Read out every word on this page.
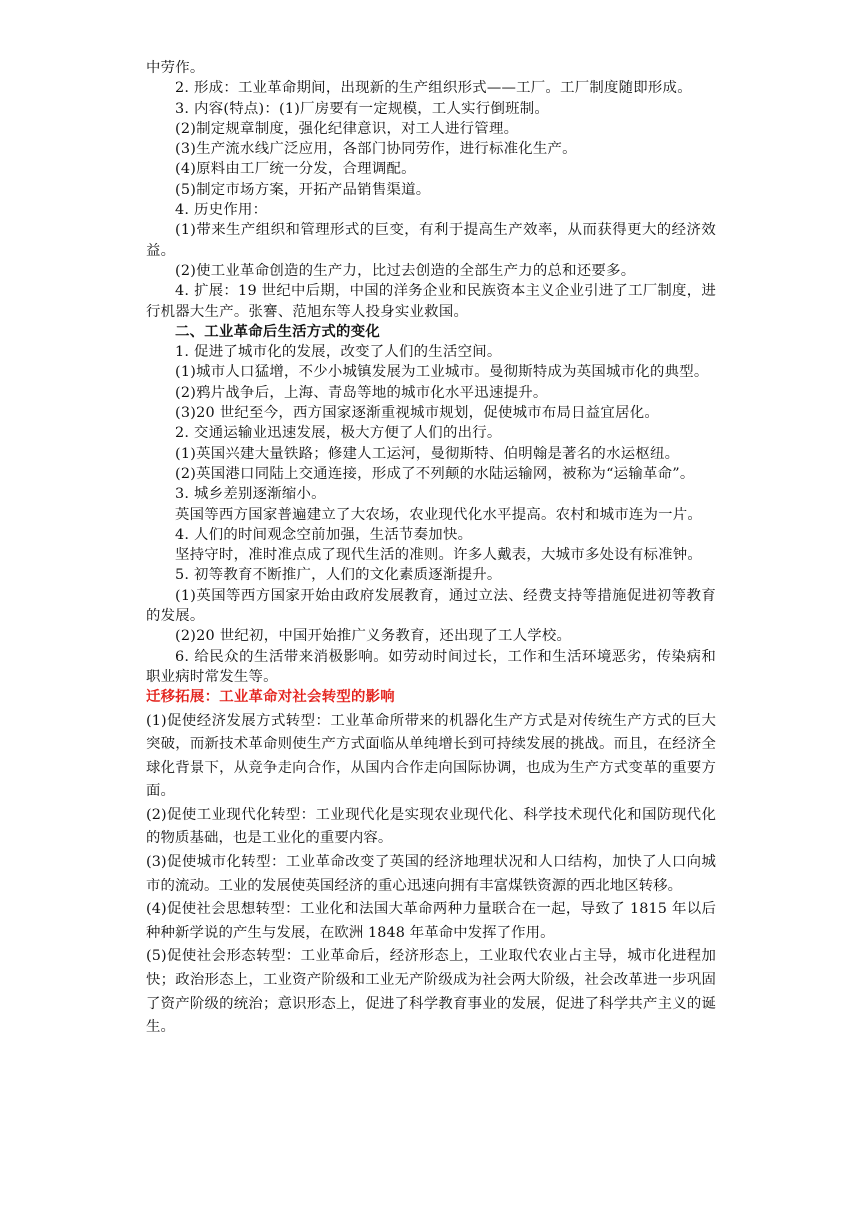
中劳作。

2. 形成：工业革命期间，出现新的生产组织形式——工厂。工厂制度随即形成。

3. 内容(特点)：(1)厂房要有一定规模，工人实行倒班制。

(2)制定规章制度，强化纪律意识，对工人进行管理。

(3)生产流水线广泛应用，各部门协同劳作，进行标准化生产。

(4)原料由工厂统一分发，合理调配。

(5)制定市场方案，开拓产品销售渠道。

4. 历史作用：

(1)带来生产组织和管理形式的巨变，有利于提高生产效率，从而获得更大的经济效益。

(2)使工业革命创造的生产力，比过去创造的全部生产力的总和还要多。

4. 扩展：19 世纪中后期，中国的洋务企业和民族资本主义企业引进了工厂制度，进行机器大生产。张謇、范旭东等人投身实业救国。

二、工业革命后生活方式的变化

1. 促进了城市化的发展，改变了人们的生活空间。

(1)城市人口猛增，不少小城镇发展为工业城市。曼彻斯特成为英国城市化的典型。

(2)鸦片战争后，上海、青岛等地的城市化水平迅速提升。

(3)20 世纪至今，西方国家逐渐重视城市规划，促使城市布局日益宜居化。

2. 交通运输业迅速发展，极大方便了人们的出行。

(1)英国兴建大量铁路；修建人工运河，曼彻斯特、伯明翰是著名的水运枢纽。

(2)英国港口同陆上交通连接，形成了不列颠的水陆运输网，被称为“运输革命”。

3. 城乡差别逐渐缩小。

英国等西方国家普遍建立了大农场，农业现代化水平提高。农村和城市连为一片。

4. 人们的时间观念空前加强，生活节奏加快。

坚持守时，准时准点成了现代生活的准则。许多人戴表，大城市多处设有标准钟。

5. 初等教育不断推广，人们的文化素质逐渐提升。

(1)英国等西方国家开始由政府发展教育，通过立法、经费支持等措施促进初等教育的发展。

(2)20 世纪初，中国开始推广义务教育，还出现了工人学校。

6. 给民众的生活带来消极影响。如劳动时间过长，工作和生活环境恶劣，传染病和职业病时常发生等。

迁移拓展：工业革命对社会转型的影响

(1)促使经济发展方式转型：工业革命所带来的机器化生产方式是对传统生产方式的巨大突破，而新技术革命则使生产方式面临从单纯增长到可持续发展的挑战。而且，在经济全球化背景下，从竞争走向合作，从国内合作走向国际协调，也成为生产方式变革的重要方面。

(2)促使工业现代化转型：工业现代化是实现农业现代化、科学技术现代化和国防现代化的物质基础，也是工业化的重要内容。

(3)促使城市化转型：工业革命改变了英国的经济地理状况和人口结构，加快了人口向城市的流动。工业的发展使英国经济的重心迅速向拥有丰富煤铁资源的西北地区转移。

(4)促使社会思想转型：工业化和法国大革命两种力量联合在一起，导致了 1815 年以后种种新学说的产生与发展，在欧洲 1848 年革命中发挥了作用。

(5)促使社会形态转型：工业革命后，经济形态上，工业取代农业占主导，城市化进程加快；政治形态上，工业资产阶级和工业无产阶级成为社会两大阶级，社会改革进一步巩固了资产阶级的统治；意识形态上，促进了科学教育事业的发展，促进了科学共产主义的诞生。
